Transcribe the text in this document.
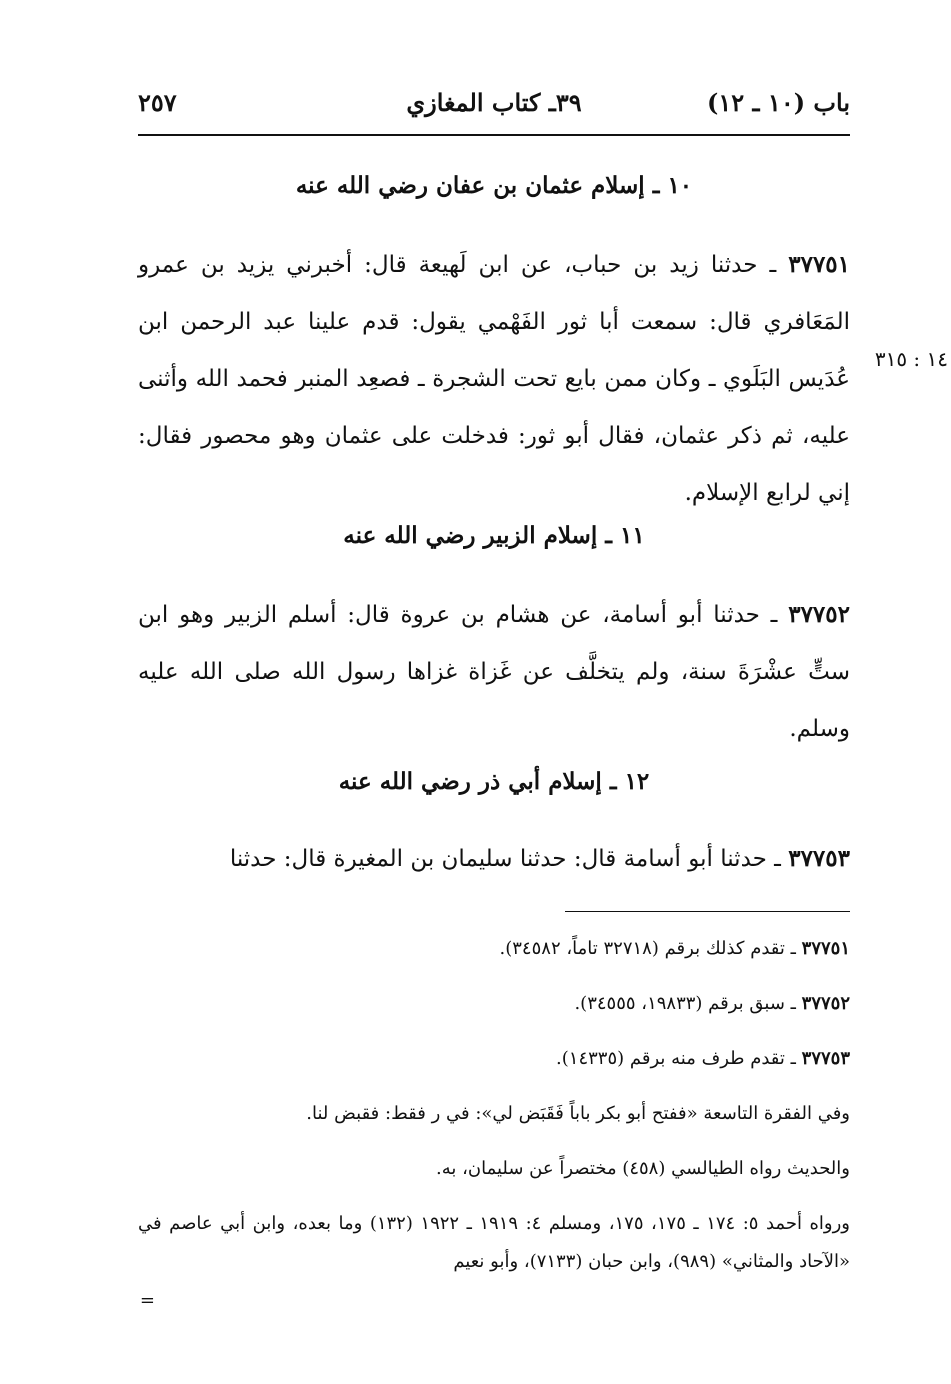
باب (١٠ ـ ١٢)
٣٩ـ كتاب المغازي
٢٥٧
١٠ ـ إسلام عثمان بن عفان رضي الله عنه
٣٧٧٥١ ـ حدثنا زيد بن حباب، عن ابن لَهيعة قال: أخبرني يزيد بن عمرو المَعَافري قال: سمعت أبا ثور الفَهْمي يقول: قدم علينا عبد الرحمن ابن عُدَيس البَلَوي ـ وكان ممن بايع تحت الشجرة ـ فصعِد المنبر فحمد الله وأثنى عليه، ثم ذكر عثمان، فقال أبو ثور: فدخلت على عثمان وهو محصور فقال: إني لرابع الإسلام.
١٤ : ٣١٥
١١ ـ إسلام الزبير رضي الله عنه
٣٧٧٥٢ ـ حدثنا أبو أسامة، عن هشام بن عروة قال: أسلم الزبير وهو ابن ستٍّ عشْرَةَ سنة، ولم يتخلَّف عن غَزاة غزاها رسول الله صلى الله عليه وسلم.
١٢ ـ إسلام أبي ذر رضي الله عنه
٣٧٧٥٣ ـ حدثنا أبو أسامة قال: حدثنا سليمان بن المغيرة قال: حدثنا
٣٧٧٥١ ـ تقدم كذلك برقم (٣٢٧١٨ تاماً، ٣٤٥٨٢).
٣٧٧٥٢ ـ سبق برقم (١٩٨٣٣، ٣٤٥٥٥).
٣٧٧٥٣ ـ تقدم طرف منه برقم (١٤٣٣٥).
وفي الفقرة التاسعة «ففتح أبو بكر باباً فَقَبَض لي»: في ر فقط: فقبض لنا.
والحديث رواه الطيالسي (٤٥٨) مختصراً عن سليمان، به.
ورواه أحمد ٥: ١٧٤ ـ ١٧٥، ١٧٥، ومسلم ٤: ١٩١٩ ـ ١٩٢٢ (١٣٢) وما بعده، وابن أبي عاصم في «الآحاد والمثاني» (٩٨٩)، وابن حبان (٧١٣٣)، وأبو نعيم
=
